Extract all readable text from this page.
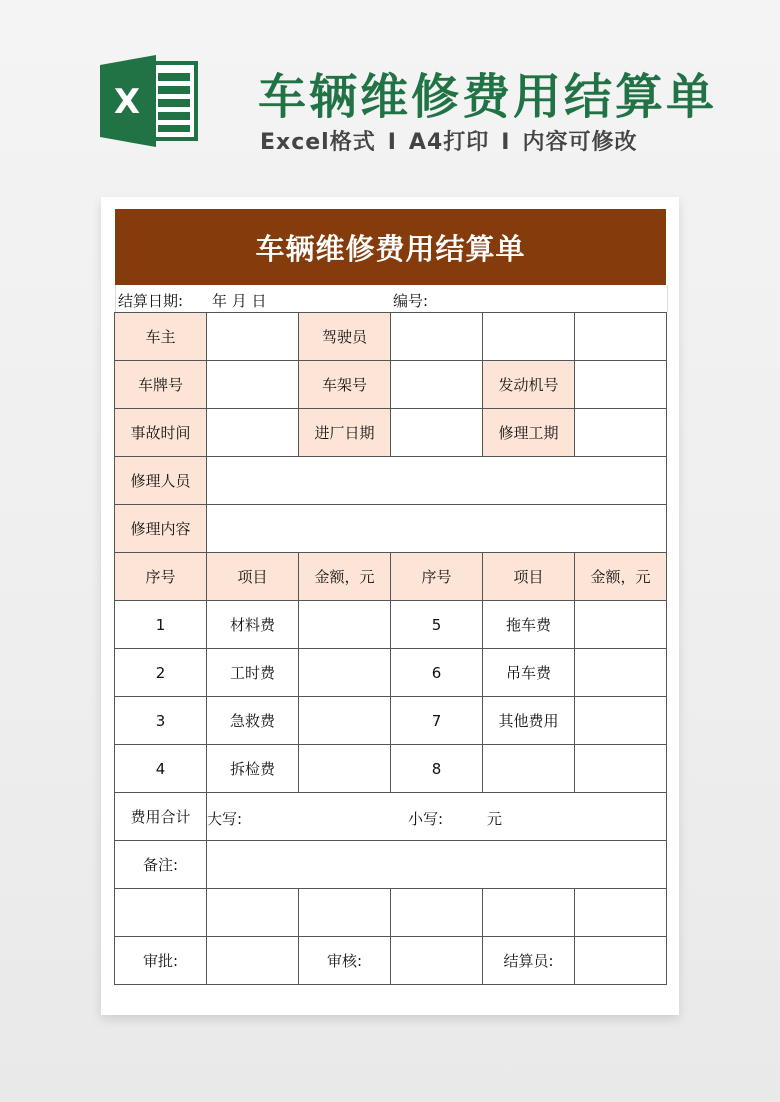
X 车辆维修费用结算单
Excel格式 I A4打印 I 内容可修改
车辆维修费用结算单
结算日期: 年 月 日	编号:
车主		驾驶员			
车牌号		车架号		发动机号	
事故时间		进厂日期		修理工期	
修理人员					
修理内容					
序号	项目	金额，元	序号	项目	金额，元
1	材料费		5	拖车费	
2	工时费		6	吊车费	
3	急救费		7	其他费用	
4	拆检费		8		
费用合计	大写: 小写: 元				

备注:					

审批:		审核:		结算员:	
